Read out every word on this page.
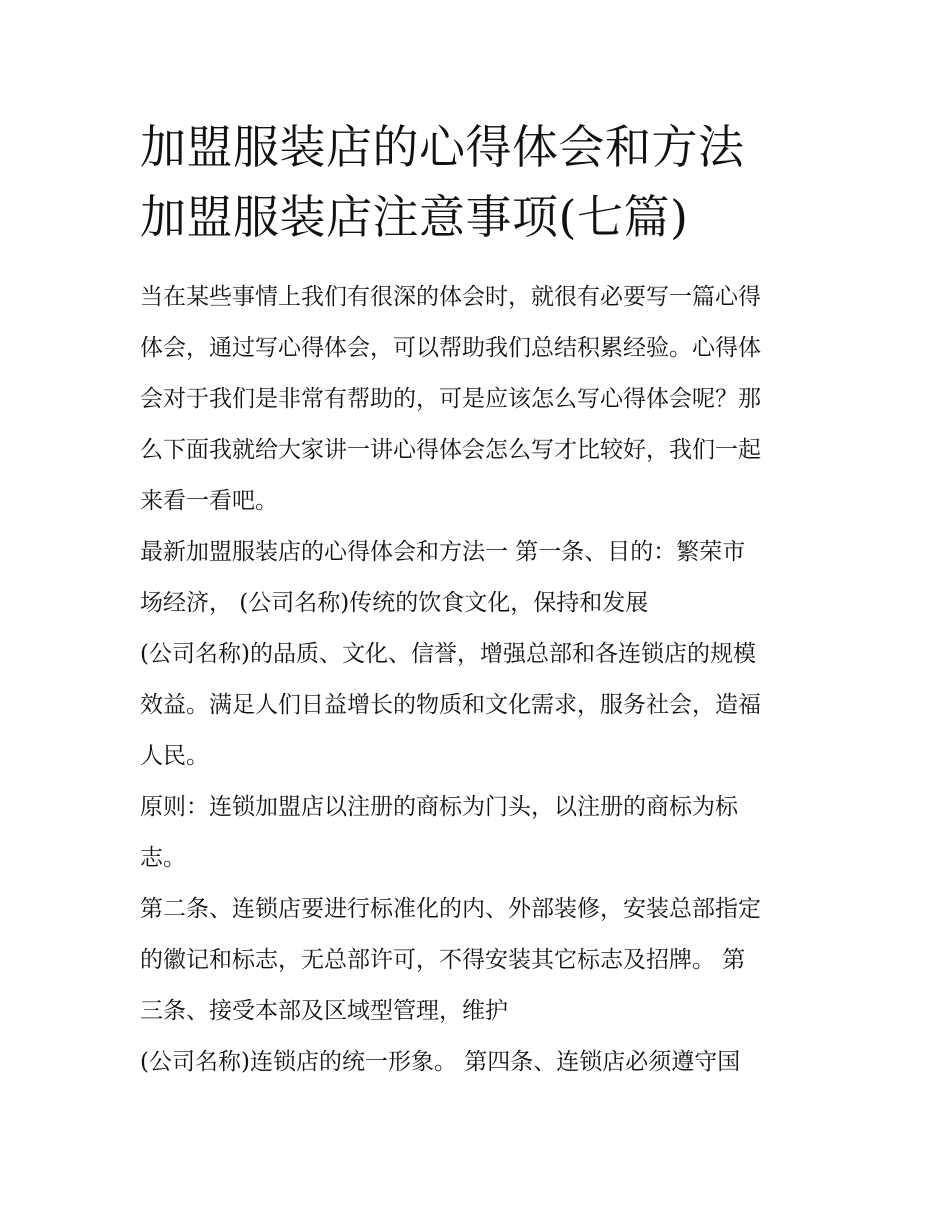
加盟服装店的心得体会和方法
加盟服装店注意事项(七篇)
当在某些事情上我们有很深的体会时，就很有必要写一篇心得
体会，通过写心得体会，可以帮助我们总结积累经验。心得体
会对于我们是非常有帮助的，可是应该怎么写心得体会呢？那
么下面我就给大家讲一讲心得体会怎么写才比较好，我们一起
来看一看吧。
最新加盟服装店的心得体会和方法一 第一条、目的：繁荣市
场经济， (公司名称)传统的饮食文化，保持和发展
(公司名称)的品质、文化、信誉，增强总部和各连锁店的规模
效益。满足人们日益增长的物质和文化需求，服务社会，造福
人民。
原则：连锁加盟店以注册的商标为门头，以注册的商标为标
志。
第二条、连锁店要进行标准化的内、外部装修，安装总部指定
的徽记和标志，无总部许可，不得安装其它标志及招牌。 第
三条、接受本部及区域型管理，维护
(公司名称)连锁店的统一形象。 第四条、连锁店必须遵守国
